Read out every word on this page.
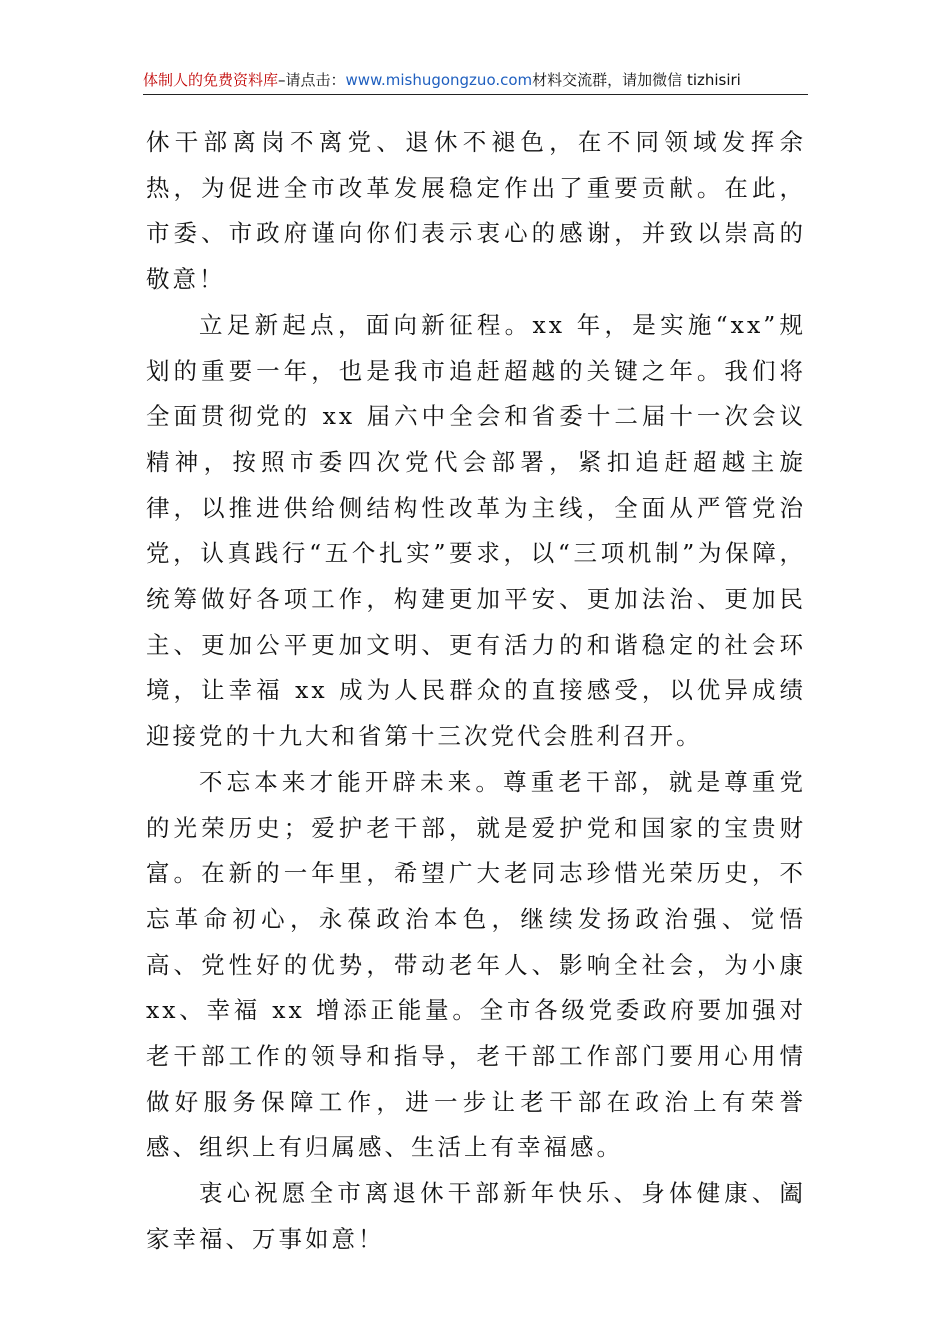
体制人的免费资料库–请点击：www.mishugongzuo.com材料交流群，请加微信 tizhisiri

休干部离岗不离党、退休不褪色，在不同领域发挥余热，为促进全市改革发展稳定作出了重要贡献。在此，市委、市政府谨向你们表示衷心的感谢，并致以崇高的敬意！

立足新起点，面向新征程。xx 年，是实施“xx”规划的重要一年，也是我市追赶超越的关键之年。我们将全面贯彻党的 xx 届六中全会和省委十二届十一次会议精神，按照市委四次党代会部署，紧扣追赶超越主旋律，以推进供给侧结构性改革为主线，全面从严管党治党，认真践行“五个扎实”要求，以“三项机制”为保障，统筹做好各项工作，构建更加平安、更加法治、更加民主、更加公平更加文明、更有活力的和谐稳定的社会环境，让幸福 xx 成为人民群众的直接感受，以优异成绩迎接党的十九大和省第十三次党代会胜利召开。

不忘本来才能开辟未来。尊重老干部，就是尊重党的光荣历史；爱护老干部，就是爱护党和国家的宝贵财富。在新的一年里，希望广大老同志珍惜光荣历史，不忘革命初心，永葆政治本色，继续发扬政治强、觉悟高、党性好的优势，带动老年人、影响全社会，为小康 xx、幸福 xx 增添正能量。全市各级党委政府要加强对老干部工作的领导和指导，老干部工作部门要用心用情做好服务保障工作，进一步让老干部在政治上有荣誉感、组织上有归属感、生活上有幸福感。

衷心祝愿全市离退休干部新年快乐、身体健康、阖家幸福、万事如意！
